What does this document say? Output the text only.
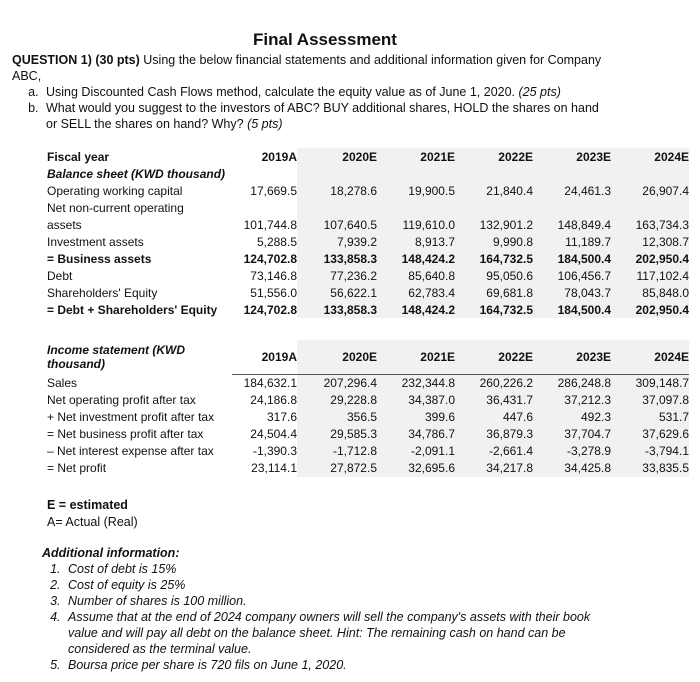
Final Assessment
QUESTION 1) (30 pts) Using the below financial statements and additional information given for Company ABC,
a. Using Discounted Cash Flows method, calculate the equity value as of June 1, 2020. (25 pts)
b. What would you suggest to the investors of ABC? BUY additional shares, HOLD the shares on hand or SELL the shares on hand? Why? (5 pts)
Fiscal year	2019A	2020E	2021E	2022E	2023E	2024E
Balance sheet (KWD thousand)						
Operating working capital	17,669.5	18,278.6	19,900.5	21,840.4	24,461.3	26,907.4
Net non-current operating						
assets	101,744.8	107,640.5	119,610.0	132,901.2	148,849.4	163,734.3
Investment assets	5,288.5	7,939.2	8,913.7	9,990.8	11,189.7	12,308.7
= Business assets	124,702.8	133,858.3	148,424.2	164,732.5	184,500.4	202,950.4
Debt	73,146.8	77,236.2	85,640.8	95,050.6	106,456.7	117,102.4
Shareholders' Equity	51,556.0	56,622.1	62,783.4	69,681.8	78,043.7	85,848.0
= Debt + Shareholders' Equity	124,702.8	133,858.3	148,424.2	164,732.5	184,500.4	202,950.4
Income statement (KWD thousand)	2019A	2020E	2021E	2022E	2023E	2024E
Sales	184,632.1	207,296.4	232,344.8	260,226.2	286,248.8	309,148.7
Net operating profit after tax	24,186.8	29,228.8	34,387.0	36,431.7	37,212.3	37,097.8
+ Net investment profit after tax	317.6	356.5	399.6	447.6	492.3	531.7
= Net business profit after tax	24,504.4	29,585.3	34,786.7	36,879.3	37,704.7	37,629.6
– Net interest expense after tax	-1,390.3	-1,712.8	-2,091.1	-2,661.4	-3,278.9	-3,794.1
= Net profit	23,114.1	27,872.5	32,695.6	34,217.8	34,425.8	33,835.5
E = estimated
A= Actual (Real)
Additional information:
1. Cost of debt is 15%
2. Cost of equity is 25%
3. Number of shares is 100 million.
4. Assume that at the end of 2024 company owners will sell the company's assets with their book value and will pay all debt on the balance sheet. Hint: The remaining cash on hand can be considered as the terminal value.
5. Boursa price per share is 720 fils on June 1, 2020.
